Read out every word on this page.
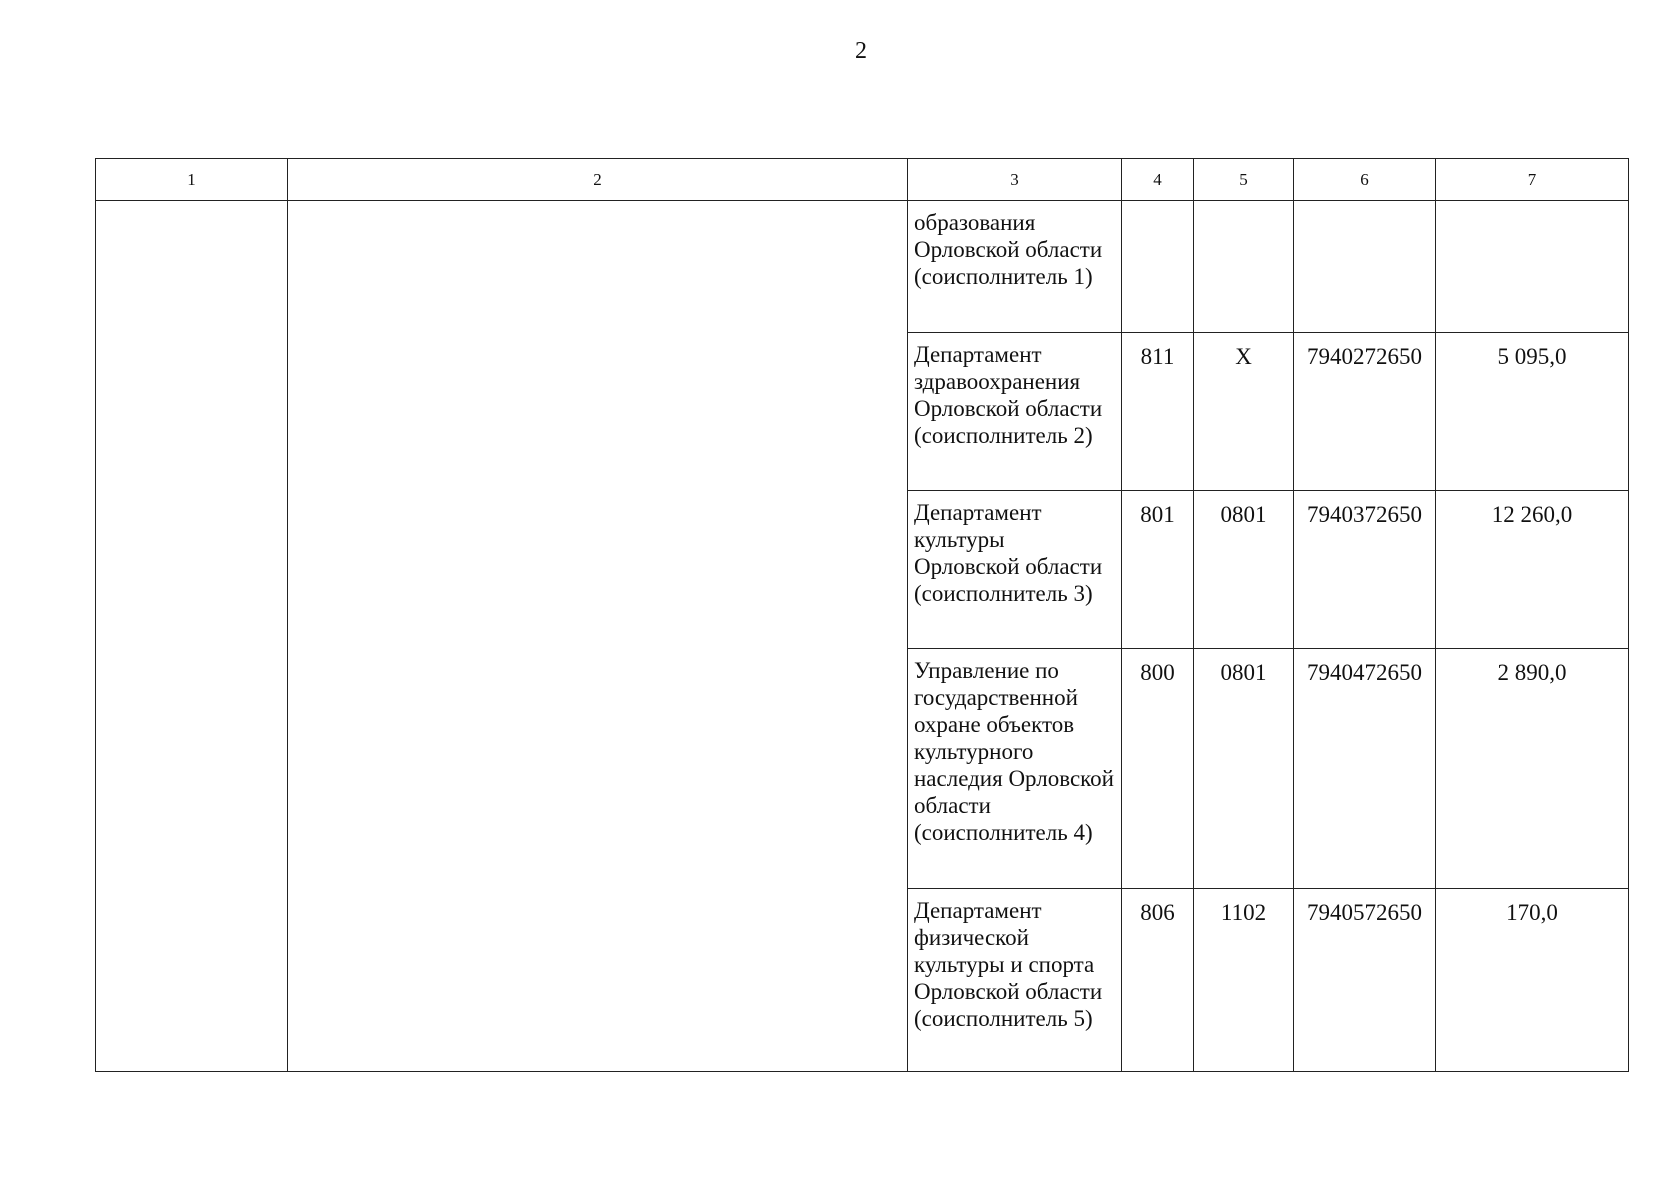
2
1	2	3	4	5	6	7

		образования Орловской области (соисполнитель 1)				

		Департамент здравоохранения Орловской области (соисполнитель 2)	811	Х	7940272650	5 095,0

		Департамент культуры Орловской области (соисполнитель 3)	801	0801	7940372650	12 260,0

		Управление по государственной охране объектов культурного наследия Орловской области (соисполнитель 4)	800	0801	7940472650	2 890,0

		Департамент физической культуры и спорта Орловской области (соисполнитель 5)	806	1102	7940572650	170,0
